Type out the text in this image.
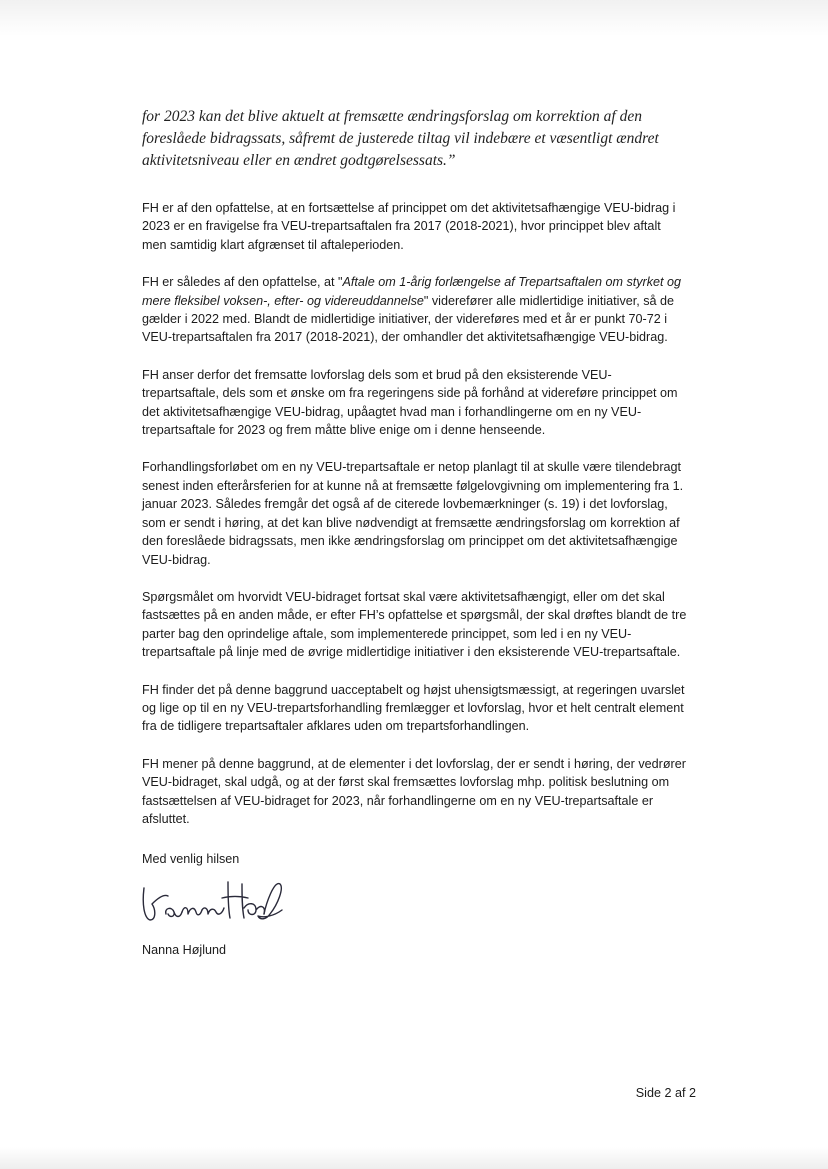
for 2023 kan det blive aktuelt at fremsætte ændringsforslag om korrektion af den
foreslåede bidragssats, såfremt de justerede tiltag vil indebære et væsentligt ændret
aktivitetsniveau eller en ændret godtgørelsessats.”

FH er af den opfattelse, at en fortsættelse af princippet om det aktivitetsafhængige VEU-bidrag i 2023 er en fravigelse fra VEU-trepartsaftalen fra 2017 (2018-2021), hvor princippet blev aftalt men samtidig klart afgrænset til aftaleperioden.

FH er således af den opfattelse, at "Aftale om 1-årig forlængelse af Trepartsaftalen om styrket og mere fleksibel voksen-, efter- og videreuddannelse" viderefører alle midlertidige initiativer, så de gælder i 2022 med. Blandt de midlertidige initiativer, der videreføres med et år er punkt 70-72 i VEU-trepartsaftalen fra 2017 (2018-2021), der omhandler det aktivitetsafhængige VEU-bidrag.

FH anser derfor det fremsatte lovforslag dels som et brud på den eksisterende VEU-trepartsaftale, dels som et ønske om fra regeringens side på forhånd at videreføre princippet om det aktivitetsafhængige VEU-bidrag, upåagtet hvad man i forhandlingerne om en ny VEU-trepartsaftale for 2023 og frem måtte blive enige om i denne henseende.

Forhandlingsforløbet om en ny VEU-trepartsaftale er netop planlagt til at skulle være tilendebragt senest inden efterårsferien for at kunne nå at fremsætte følgelovgivning om implementering fra 1. januar 2023. Således fremgår det også af de citerede lovbemærkninger (s. 19) i det lovforslag, som er sendt i høring, at det kan blive nødvendigt at fremsætte ændringsforslag om korrektion af den foreslåede bidragssats, men ikke ændringsforslag om princippet om det aktivitetsafhængige VEU-bidrag.

Spørgsmålet om hvorvidt VEU-bidraget fortsat skal være aktivitetsafhængigt, eller om det skal fastsættes på en anden måde, er efter FH’s opfattelse et spørgsmål, der skal drøftes blandt de tre parter bag den oprindelige aftale, som implementerede princippet, som led i en ny VEU-trepartsaftale på linje med de øvrige midlertidige initiativer i den eksisterende VEU-trepartsaftale.

FH finder det på denne baggrund uacceptabelt og højst uhensigtsmæssigt, at regeringen uvarslet og lige op til en ny VEU-trepartsforhandling fremlægger et lovforslag, hvor et helt centralt element fra de tidligere trepartsaftaler afklares uden om trepartsforhandlingen.

FH mener på denne baggrund, at de elementer i det lovforslag, der er sendt i høring, der vedrører VEU-bidraget, skal udgå, og at der først skal fremsættes lovforslag mhp. politisk beslutning om fastsættelsen af VEU-bidraget for 2023, når forhandlingerne om en ny VEU-trepartsaftale er afsluttet.

Med venlig hilsen
Nanna Højlund
Side 2 af 2
